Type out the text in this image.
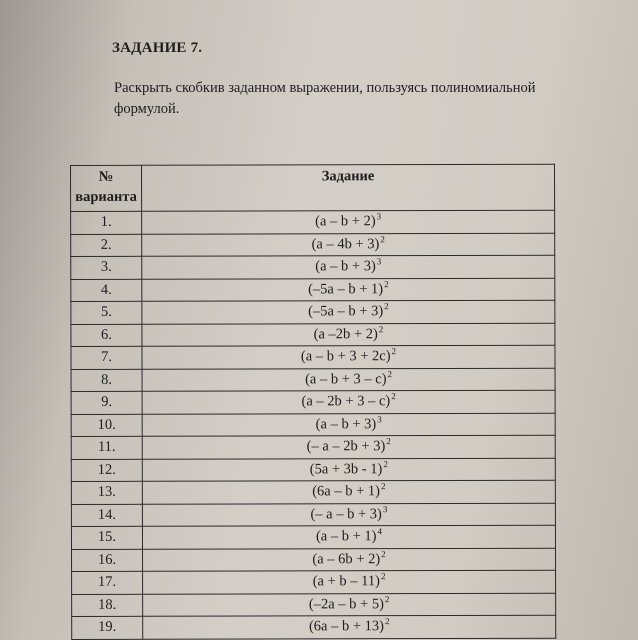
ЗАДАНИЕ 7.
Раскрыть скобкив заданном выражении, пользуясь полиномиальной формулой.
№
варианта	Задание
1.	$(a - b + 2)^3$
2.	$(a - 4b + 3)^2$
3.	$(a - b + 3)^3$
4.	$(-5a - b + 1)^2$
5.	$(-5a - b + 3)^2$
6.	(a –2b + 2)$^2$
7.	$(a - b + 3 + 2c)^2$
8.	$(a - b + 3 - c)^2$
9.	$(a - 2b + 3 - c)^2$
10.	$(a - b + 3)^3$
11.	(– a – 2b + 3)$^2$
12.	$(5a + 3b - 1)^2$
13.	$(6a - b + 1)^2$
14.	(– a – b + 3)$^3$
15.	$(a - b + 1)^4$
16.	$(a - 6b + 2)^2$
17.	$(a + b - 11)^2$
18.	$(-2a - b + 5)^2$
19.	$(6a - b + 13)^2$
